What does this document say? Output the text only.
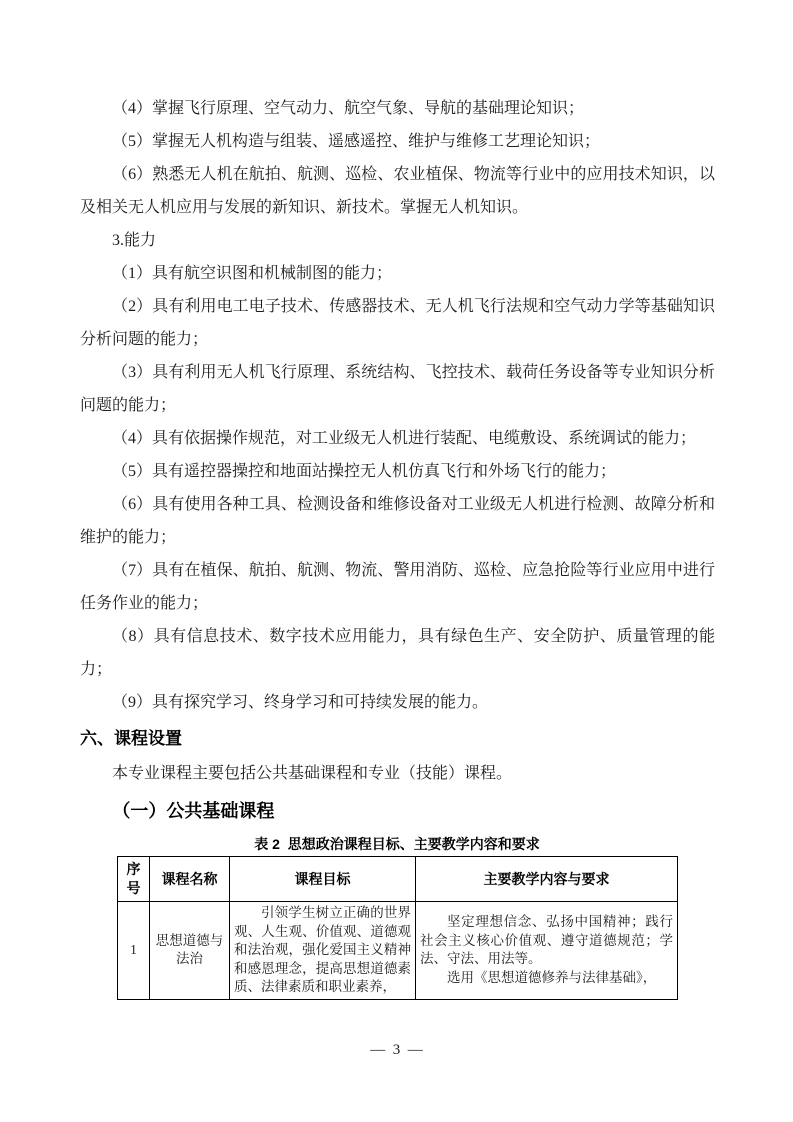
（4）掌握飞行原理、空气动力、航空气象、导航的基础理论知识；

（5）掌握无人机构造与组装、遥感遥控、维护与维修工艺理论知识；

（6）熟悉无人机在航拍、航测、巡检、农业植保、物流等行业中的应用技术知识，以及相关无人机应用与发展的新知识、新技术。掌握无人机知识。

3.能力

（1）具有航空识图和机械制图的能力；

（2）具有利用电工电子技术、传感器技术、无人机飞行法规和空气动力学等基础知识分析问题的能力；

（3）具有利用无人机飞行原理、系统结构、飞控技术、载荷任务设备等专业知识分析问题的能力；

（4）具有依据操作规范，对工业级无人机进行装配、电缆敷设、系统调试的能力；

（5）具有遥控器操控和地面站操控无人机仿真飞行和外场飞行的能力；

（6）具有使用各种工具、检测设备和维修设备对工业级无人机进行检测、故障分析和维护的能力；

（7）具有在植保、航拍、航测、物流、警用消防、巡检、应急抢险等行业应用中进行任务作业的能力；

（8）具有信息技术、数字技术应用能力，具有绿色生产、安全防护、质量管理的能力；

（9）具有探究学习、终身学习和可持续发展的能力。

六、课程设置

本专业课程主要包括公共基础课程和专业（技能）课程。

（一）公共基础课程
表 2  思想政治课程目标、主要教学内容和要求
序号	课程名称	课程目标	主要教学内容与要求
1	思想道德与法治	引领学生树立正确的世界观、人生观、价值观、道德观和法治观，强化爱国主义精神和感恩理念，提高思想道德素质、法律素质和职业素养，	坚定理想信念、弘扬中国精神；践行社会主义核心价值观、遵守道德规范；学法、守法、用法等。

选用《思想道德修养与法律基础》，

—  3  —
